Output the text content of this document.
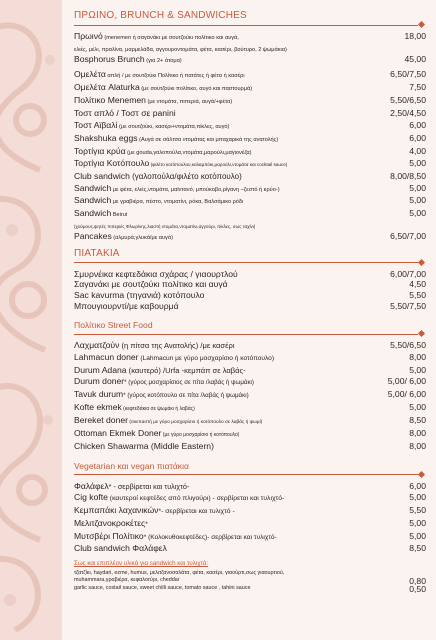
ΠΡΩΙΝΟ, BRUNCH & SANDWICHES
Πρωινό (menemen ή σαγανάκι με σουτζούκι πολίτικο και αυγά,	18,00
ελιές, μέλι, πραλίνα, μαρμελάδα, αγγουροντομάτα, φέτα, κασέρι, βούτυρο, 2 ψωμάκια)
Bosphorus Brunch (για 2+ άτομα)	45,00
Ομελέτα απλή / με σουτζούκι Πολίτικο ή πατάτες ή φέτα ή κασέρι	6,50/7,50
Ομελέτα Alaturka (με σουτζούκι πολίτικο, αυγό και παστουρμά)	7,50
Πολίτικο Menemen (με ντομάτα, πιπεριά, αυγά/+φέτα)	5,50/6,50
Τοστ απλό / Τοστ σε panini	2,50/4,50
Τοστ Αϊβαλί (με σουτζούκι, κασέρι+ντομάτα,πίκλες, αυγό)	6,00
Shakshuka eggs (Αυγά σε σάλτσα ντομάτας και μπαχαρικά της ανατολής)	6,00
Τορτίγια κρύα (με gouda,γαλοπούλα,ντομάτα,μαρούλι,μαγιονέζα)	4,00
Τορτίγια Κοτόπουλο (φιλέτο κοτόπουλου,καλαμπόκι,μαρούλι,ντομάτα και cocktail sauce)	5,00
Club sandwich (γαλοπούλα/φιλέτο κοτόπουλο)	8,00/8,50
Sandwich με φέτα, ελιές,ντομάτα, μαϊντανό, μπούκοβο,ρίγανη –ζεστό ή κρύο-)	5,00
Sandwich με γραβιέρα, πέστο, ντοματίνι, ρόκα, Βαλσάμικο ρόδι	5,00
Sandwich Beirut	5,00
(χούμους,ψητές πιπεριές Φλωρίνης,λιαστή ντομάτα,ντοματίνι,αγγούρι, πίκλες, σως ταχίνι)
Pancakes (αλμυρά,γλυκά/με αυγά)	6,50/7,00
ΠΙΑΤΑΚΙΑ
Σμυρνέικα κεφτεδάκια σχάρας / γιαουρτλού	6,00/7,00
Σαγανάκι με σουτζούκι πολίτικο και αυγά	4,50
Sac kavurma (τηγανιά) κοτόπουλο	5,50
Μπουγιουρντί/με καβουρμά	5,50/7,50
Πολίτικο Street Food
Λαχματζούν (η πίτσα της Ανατολής) /με κασέρι	5,50/6,50
Lahmacun doner (Lahmacun με γύρο μοσχαρίσιο ή κοτόπουλο)	8,00
Durum Adana (καυτερό) /Urfa -κεμπάπ σε λαβάς-	5,00
Durum doner* (γύρος μοσχαρίσιος σε πίτα /λαβάς ή ψωμάκι)	5,00/ 6,00
Tavuk durum* (γύρος κοτόπουλο σε πίτα /λαβάς ή ψωμάκι)	5,00/ 6,00
Kofte ekmek (κεφτεδάκια σε ψωμάκι ή λαβάς)	5,00
Bereket doner (σκεπαστή με γύρο μοσχαρίσιο ή κοτόπουλο σε λαβάς ή ψωμί)	8,50
Ottoman Ekmek Doner (με γύρο μοσχαρίσιο ή κοτόπουλο)	8,00
Chicken Shawarma (Middle Eastern)	8,00
Vegetarian και vegan πιατάκια
Φαλάφελ* - σερβίρεται και τυλιχτό-	6,00
Cig kofte (καυτεροί κεφτέδες από πλιγούρι) - σερβίρεται και τυλιχτό-	5,00
Κεμπαπάκι λαχανικών*- σερβίρεται και τυλιχτό -	5,50
Μελιτζανοκροκέτες*	5,00
Μυτσβέρι Πολίτικο* (Κολοκυθοκεφτέδες)- σερβίρεται και τυλιχτό-	5,00
Club sandwich Φαλάφελ	8,50
Σως και επιπλέον υλικά για sandwich και τυλιχτά:
τζατζίκι, haydari, ezme, humus, μελιτζανοσαλάτα, φέτα, κασέρι, γιαούρτι,σως γιαουρτιού,
muhammara,γραβιέρα, κεφαλοτύρι, cheddar	0,80
garlic sauce, costail sauce, sweet chilli sauce, tomato sauce , tahini sauce	0,50
